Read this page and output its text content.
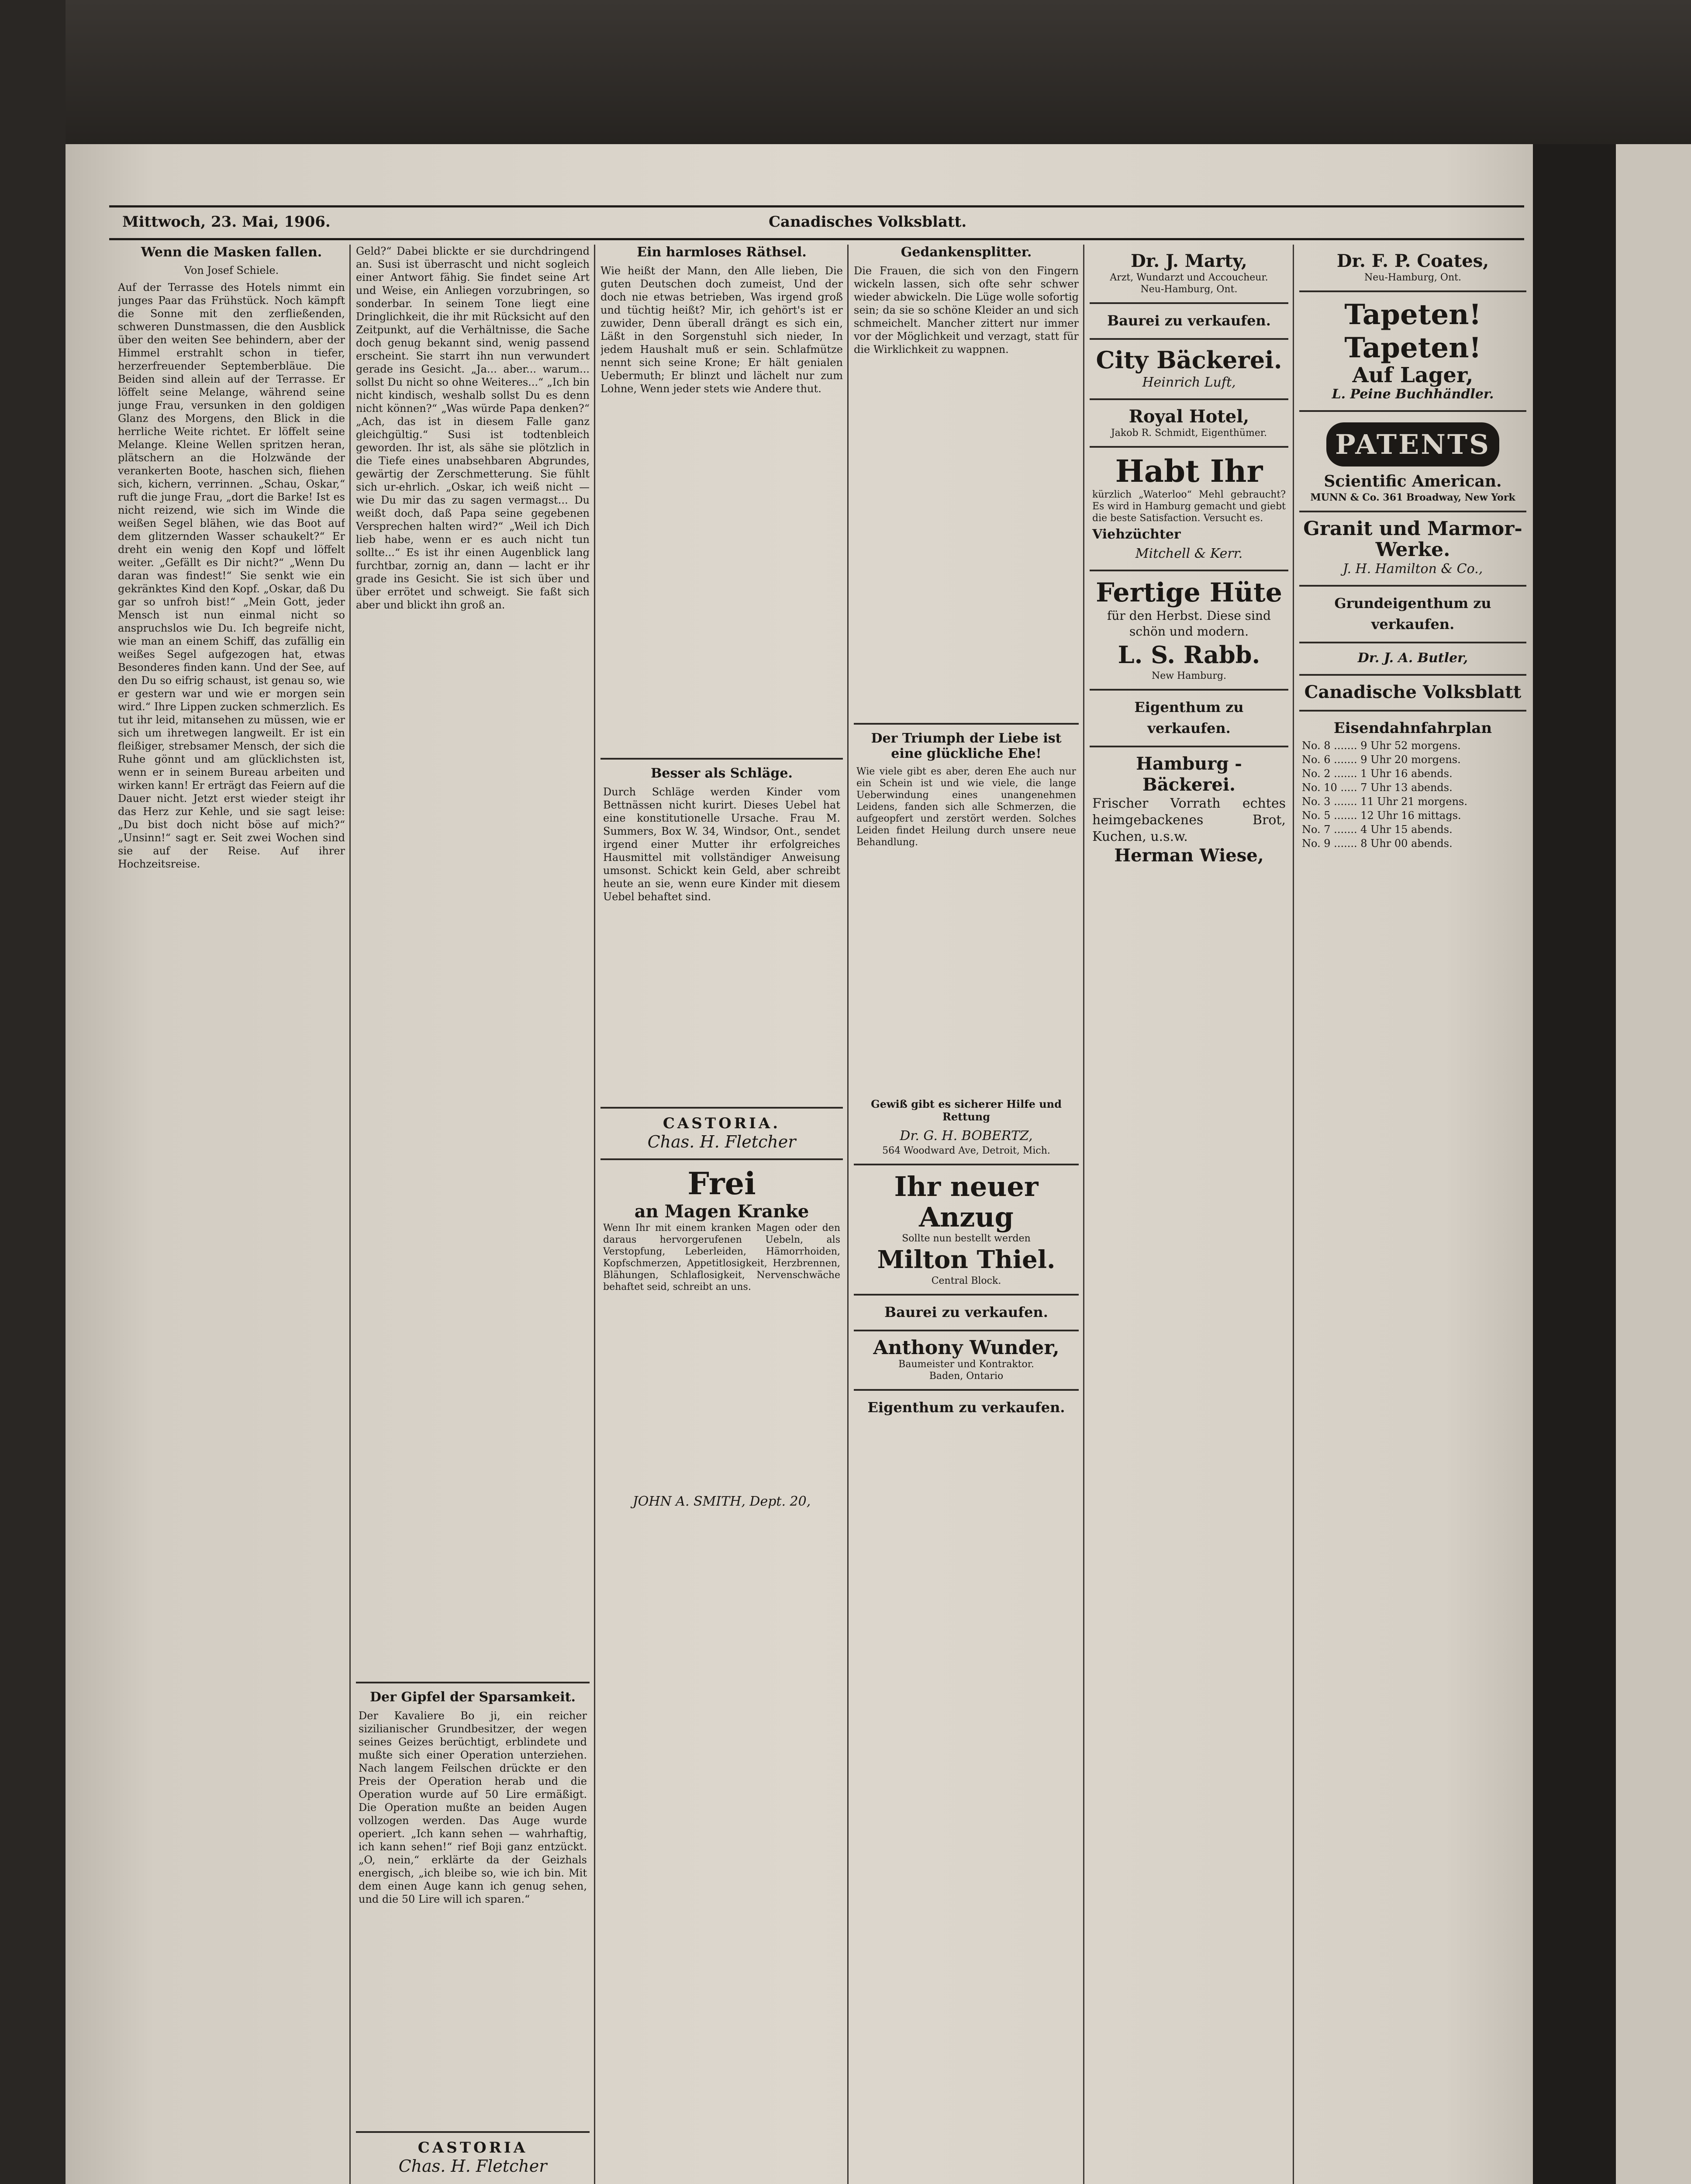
Mittwoch, 23. Mai, 1906.	Canadisches Volksblatt.
Wenn die Masken fallen.
Von Josef Schiele.
Auf der Terrasse des Hotels nimmt ein junges Paar das Frühstück. Noch kämpft die Sonne mit den zerfließenden, schweren Dunstmassen, die den Ausblick über den weiten See behindern, aber der Himmel erstrahlt schon in tiefer, herzerfreuender Septemberbläue. Die Beiden sind allein auf der Terrasse. Er löffelt seine Melange, während seine junge Frau, versunken in den goldigen Glanz des Morgens, den Blick in die herrliche Weite richtet. Er löffelt seine Melange. Kleine Wellen spritzen heran, plätschern an die Holzwände der verankerten Boote, haschen sich, fliehen sich, kichern, verrinnen. „Schau, Oskar,“ ruft die junge Frau, „dort die Barke! Ist es nicht reizend, wie sich im Winde die weißen Segel blähen, wie das Boot auf dem glitzernden Wasser schaukelt?“ Er dreht ein wenig den Kopf und löffelt weiter. „Gefällt es Dir nicht?“ „Wenn Du daran was findest!“ Sie senkt wie ein gekränktes Kind den Kopf. „Oskar, daß Du gar so unfroh bist!“ „Mein Gott, jeder Mensch ist nun einmal nicht so anspruchslos wie Du. Ich begreife nicht, wie man an einem Schiff, das zufällig ein weißes Segel aufgezogen hat, etwas Besonderes finden kann. Und der See, auf den Du so eifrig schaust, ist genau so, wie er gestern war und wie er morgen sein wird.“ Ihre Lippen zucken schmerzlich. Es tut ihr leid, mitansehen zu müssen, wie er sich um ihretwegen langweilt. Er ist ein fleißiger, strebsamer Mensch, der sich die Ruhe gönnt und am glücklichsten ist, wenn er in seinem Bureau arbeiten und wirken kann! Er erträgt das Feiern auf die Dauer nicht. Jetzt erst wieder steigt ihr das Herz zur Kehle, und sie sagt leise: „Du bist doch nicht böse auf mich?“ „Unsinn!“ sagt er. Seit zwei Wochen sind sie auf der Reise. Auf ihrer Hochzeitsreise.
Geld?“ Dabei blickte er sie durchdringend an. Susi ist überrascht und nicht sogleich einer Antwort fähig. Sie findet seine Art und Weise, ein Anliegen vorzubringen, so sonderbar. In seinem Tone liegt eine Dringlichkeit, die ihr mit Rücksicht auf den Zeitpunkt, auf die Verhältnisse, die Sache doch genug bekannt sind, wenig passend erscheint. Sie starrt ihn nun verwundert gerade ins Gesicht. „Ja... aber... warum... sollst Du nicht so ohne Weiteres...“ „Ich bin nicht kindisch, weshalb sollst Du es denn nicht können?“ „Was würde Papa denken?“ „Ach, das ist in diesem Falle ganz gleichgültig.“ Susi ist todtenbleich geworden. Ihr ist, als sähe sie plötzlich in die Tiefe eines unabsehbaren Abgrundes, gewärtig der Zerschmetterung. Sie fühlt sich ur-ehrlich. „Oskar, ich weiß nicht — wie Du mir das zu sagen vermagst... Du weißt doch, daß Papa seine gegebenen Versprechen halten wird?“ „Weil ich Dich lieb habe, wenn er es auch nicht tun sollte...“ Es ist ihr einen Augenblick lang furchtbar, zornig an, dann — lacht er ihr grade ins Gesicht. Sie ist sich über und über errötet und schweigt. Sie faßt sich aber und blickt ihn groß an.
Der Gipfel der Sparsamkeit.
Der Kavaliere Bo ji, ein reicher sizilianischer Grundbesitzer, der wegen seines Geizes berüchtigt, erblindete und mußte sich einer Operation unterziehen. Nach langem Feilschen drückte er den Preis der Operation herab und die Operation wurde auf 50 Lire ermäßigt. Die Operation mußte an beiden Augen vollzogen werden. Das Auge wurde operiert. „Ich kann sehen — wahrhaftig, ich kann sehen!“ rief Boji ganz entzückt. „O, nein,“ erklärte da der Geizhals energisch, „ich bleibe so, wie ich bin. Mit dem einen Auge kann ich genug sehen, und die 50 Lire will ich sparen.“
CASTORIA
Chas. H. Fletcher
Ein harmloses Räthsel.
Wie heißt der Mann, den Alle lieben, Die guten Deutschen doch zumeist, Und der doch nie etwas betrieben, Was irgend groß und tüchtig heißt? Mir, ich gehört's ist er zuwider, Denn überall drängt es sich ein, Läßt in den Sorgenstuhl sich nieder, In jedem Haushalt muß er sein. Schlafmütze nennt sich seine Krone; Er hält genialen Uebermuth; Er blinzt und lächelt nur zum Lohne, Wenn jeder stets wie Andere thut.
Besser als Schläge.
Durch Schläge werden Kinder vom Bettnässen nicht kurirt. Dieses Uebel hat eine konstitutionelle Ursache. Frau M. Summers, Box W. 34, Windsor, Ont., sendet irgend einer Mutter ihr erfolgreiches Hausmittel mit vollständiger Anweisung umsonst. Schickt kein Geld, aber schreibt heute an sie, wenn eure Kinder mit diesem Uebel behaftet sind.
CASTORIA.
Chas. H. Fletcher
Frei
an Magen Kranke
Wenn Ihr mit einem kranken Magen oder den daraus hervorgerufenen Uebeln, als Verstopfung, Leberleiden, Hämorrhoiden, Kopfschmerzen, Appetitlosigkeit, Herzbrennen, Blähungen, Schlaflosigkeit, Nervenschwäche behaftet seid, schreibt an uns.
JOHN A. SMITH, Dept. 20,
Gedankensplitter.
Die Frauen, die sich von den Fingern wickeln lassen, sich ofte sehr schwer wieder abwickeln. Die Lüge wolle sofortig sein; da sie so schöne Kleider an und sich schmeichelt. Mancher zittert nur immer vor der Möglichkeit und verzagt, statt für die Wirklichkeit zu wappnen.
Der Triumph der Liebe ist eine glückliche Ehe!
Wie viele gibt es aber, deren Ehe auch nur ein Schein ist und wie viele, die lange Ueberwindung eines unangenehmen Leidens, fanden sich alle Schmerzen, die aufgeopfert und zerstört werden. Solches Leiden findet Heilung durch unsere neue Behandlung.
Gewiß gibt es sicherer Hilfe und Rettung
Dr. G. H. BOBERTZ,
564 Woodward Ave, Detroit, Mich.
Ihr neuer Anzug
Sollte nun bestellt werden
Milton Thiel.
Central Block.
Baurei zu verkaufen.
Anthony Wunder,
Baumeister und Kontraktor.
Baden, Ontario
Eigenthum zu verkaufen.
Dr. J. Marty,
Arzt, Wundarzt und Accoucheur.
Neu-Hamburg, Ont.
Baurei zu verkaufen.
City Bäckerei.
Heinrich Luft,
Royal Hotel,
Jakob R. Schmidt, Eigenthümer.
Habt Ihr
kürzlich „Waterloo“ Mehl gebraucht? Es wird in Hamburg gemacht und giebt die beste Satisfaction. Versucht es.
Viehzüchter
Mitchell & Kerr.
Fertige Hüte
für den Herbst. Diese sind schön und modern.
L. S. Rabb.
New Hamburg.
Eigenthum zu verkaufen.
Hamburg - Bäckerei.
Frischer Vorrath echtes heimgebackenes Brot, Kuchen, u.s.w.
Herman Wiese,
Dr. F. P. Coates,
Neu-Hamburg, Ont.
Tapeten! Tapeten!
Auf Lager,
L. Peine Buchhändler.
PATENTS
Scientific American.
MUNN & Co. 361 Broadway, New York
Granit und Marmor-Werke.
J. H. Hamilton & Co.,
Grundeigenthum zu verkaufen.
Dr. J. A. Butler,
Canadische Volksblatt
Eisendahnfahrplan
No. 8 ....... 9 Uhr 52 morgens.
No. 6 ....... 9 Uhr 20 morgens.
No. 2 ....... 1 Uhr 16 abends.
No. 10 ..... 7 Uhr 13 abends.
No. 3 ....... 11 Uhr 21 morgens.
No. 5 ....... 12 Uhr 16 mittags.
No. 7 ....... 4 Uhr 15 abends.
No. 9 ....... 8 Uhr 00 abends.
